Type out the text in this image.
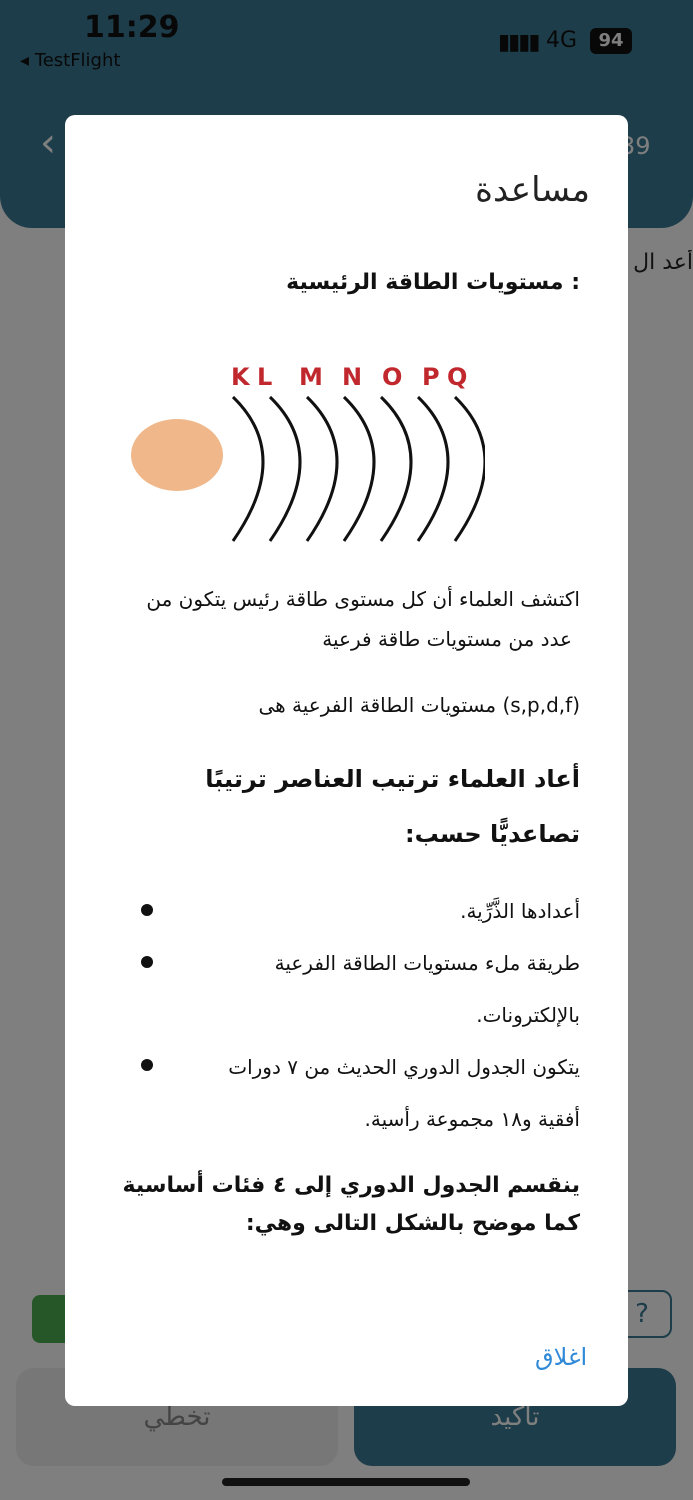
مساعدة
: مستويات الطاقة الرئيسية
K L M N O P Q
اكتشف العلماء أن كل مستوى طاقة رئيس يتكون من
عدد من مستويات طاقة فرعية
(s,p,d,f) مستويات الطاقة الفرعية هى
أعاد العلماء ترتيب العناصر ترتيبًا
تصاعديًّا حسب:
أعدادها الذَّرِّية.
طريقة ملء مستويات الطاقة الفرعية
بالإلكترونات.
يتكون الجدول الدوري الحديث من ٧ دورات
أفقية و١٨ مجموعة رأسية.
ينقسم الجدول الدوري إلى ٤ فئات أساسية
كما موضح بالشكل التالى وهي:
اغلاق
